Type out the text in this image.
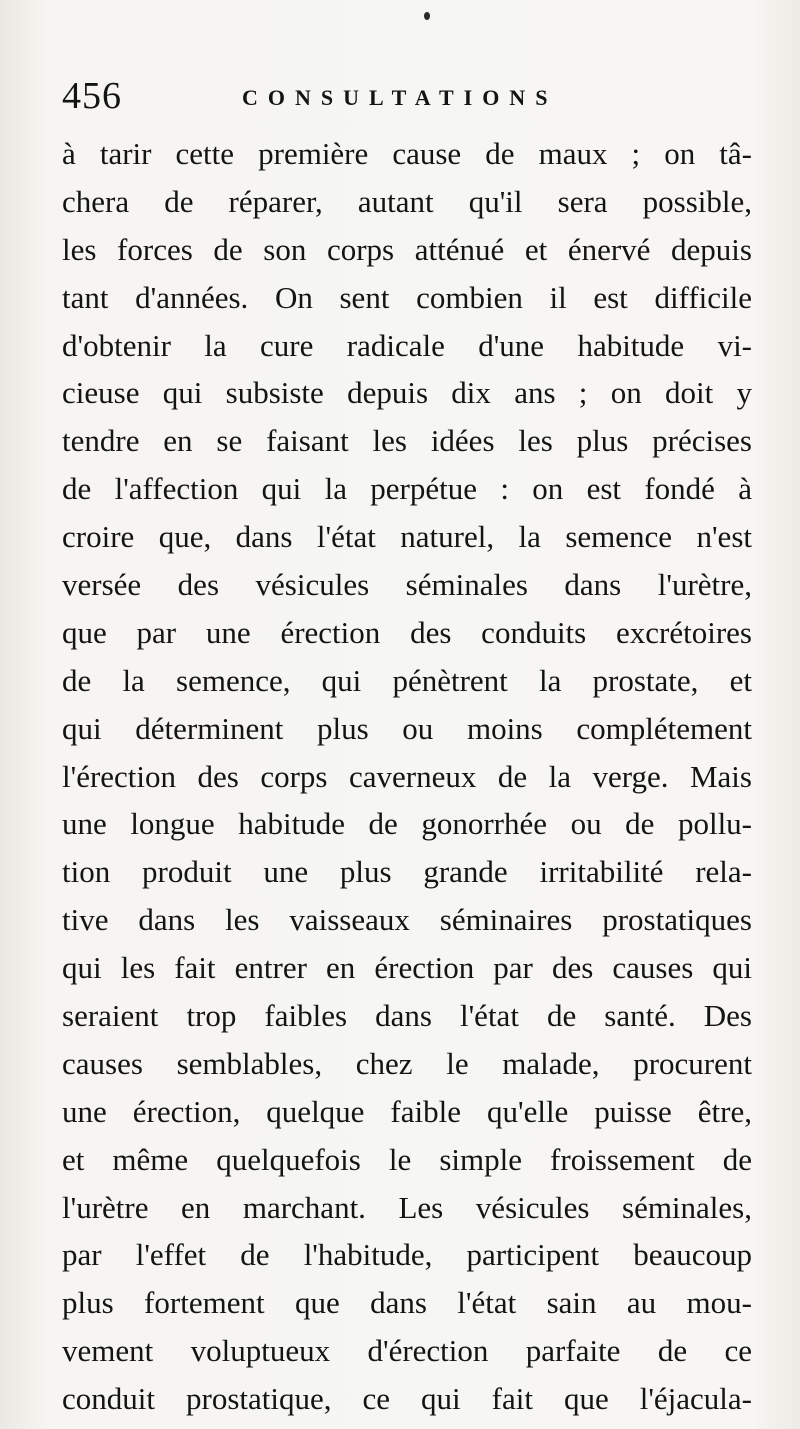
456	CONSULTATIONS
à tarir cette première cause de maux ; on tâ-
chera de réparer, autant qu'il sera possible,
les forces de son corps atténué et énervé depuis
tant d'années. On sent combien il est difficile
d'obtenir la cure radicale d'une habitude vi-
cieuse qui subsiste depuis dix ans ; on doit y
tendre en se faisant les idées les plus précises
de l'affection qui la perpétue : on est fondé à
croire que, dans l'état naturel, la semence n'est
versée des vésicules séminales dans l'urètre,
que par une érection des conduits excrétoires
de la semence, qui pénètrent la prostate, et
qui déterminent plus ou moins complétement
l'érection des corps caverneux de la verge. Mais
une longue habitude de gonorrhée ou de pollu-
tion produit une plus grande irritabilité rela-
tive dans les vaisseaux séminaires prostatiques
qui les fait entrer en érection par des causes qui
seraient trop faibles dans l'état de santé. Des
causes semblables, chez le malade, procurent
une érection, quelque faible qu'elle puisse être,
et même quelquefois le simple froissement de
l'urètre en marchant. Les vésicules séminales,
par l'effet de l'habitude, participent beaucoup
plus fortement que dans l'état sain au mou-
vement voluptueux d'érection parfaite de ce
conduit prostatique, ce qui fait que l'éjacula-
